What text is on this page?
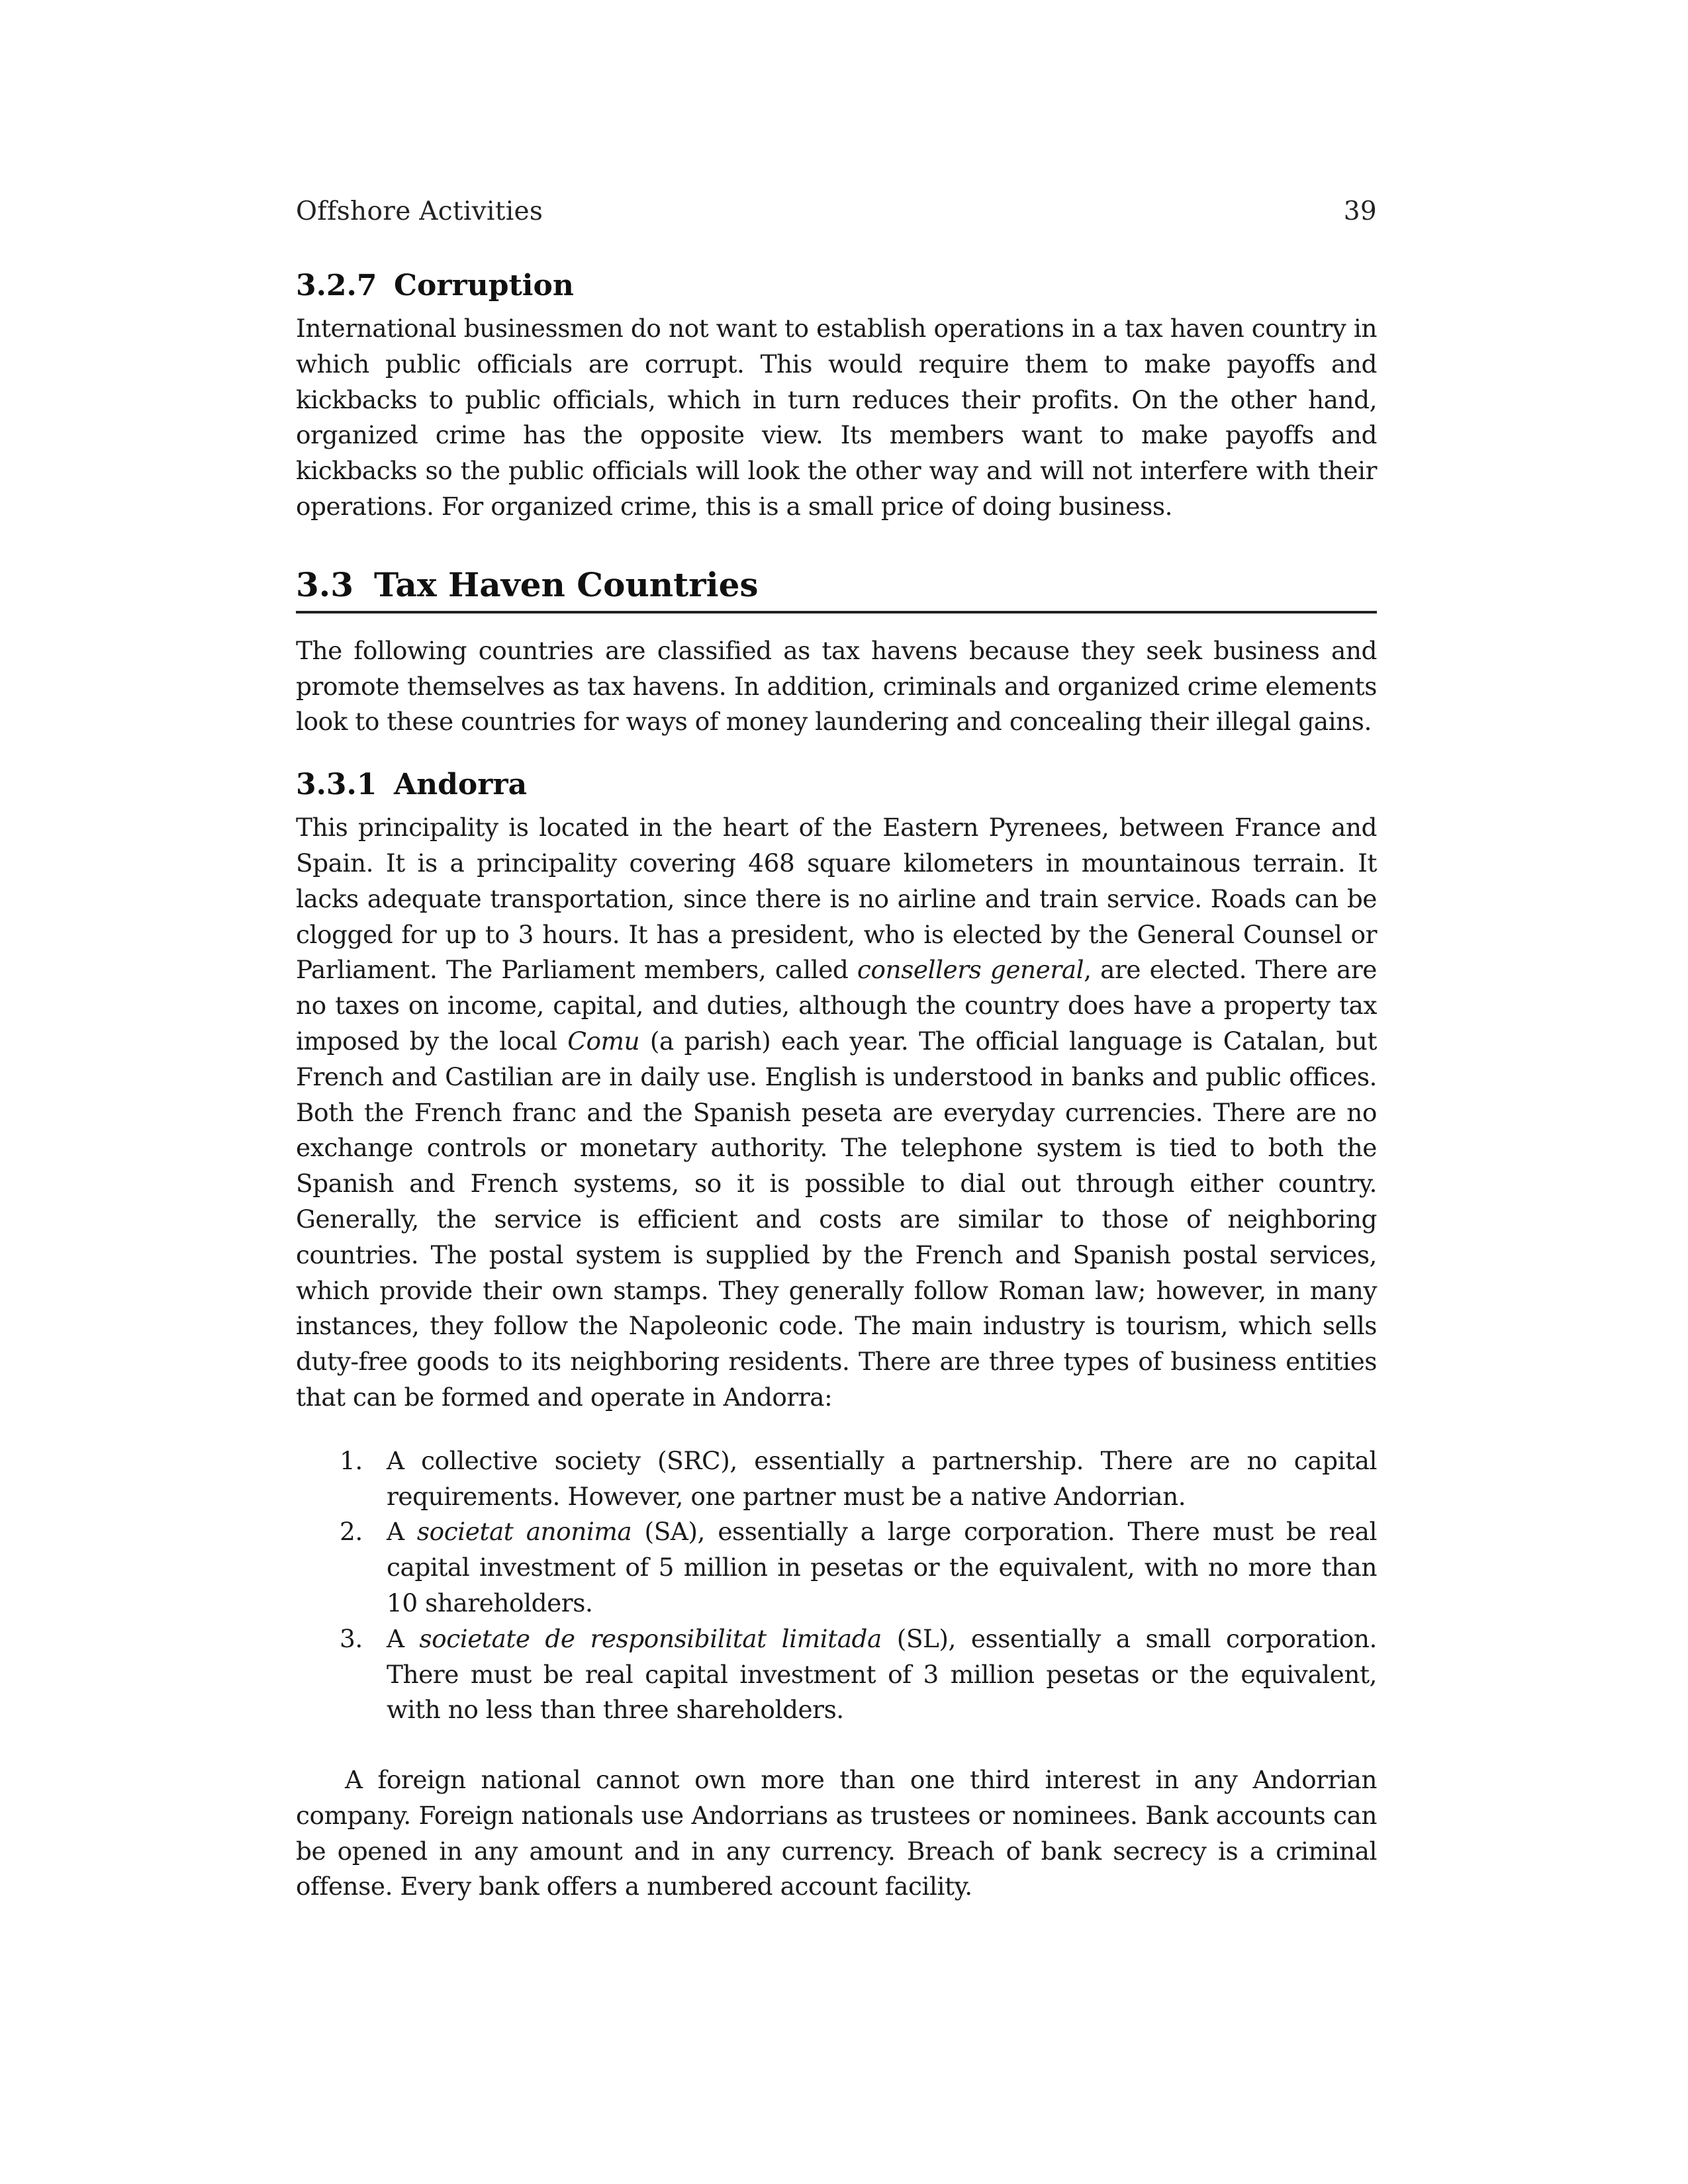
Offshore Activities	39
3.2.7 Corruption

International businessmen do not want to establish operations in a tax haven country in which public officials are corrupt. This would require them to make payoffs and kickbacks to public officials, which in turn reduces their profits. On the other hand, organized crime has the opposite view. Its members want to make payoffs and kickbacks so the public officials will look the other way and will not interfere with their operations. For organized crime, this is a small price of doing business.

3.3 Tax Haven Countries

The following countries are classified as tax havens because they seek business and promote themselves as tax havens. In addition, criminals and organized crime elements look to these countries for ways of money laundering and concealing their illegal gains.

3.3.1 Andorra

This principality is located in the heart of the Eastern Pyrenees, between France and Spain. It is a principality covering 468 square kilometers in mountainous terrain. It lacks adequate transportation, since there is no airline and train service. Roads can be clogged for up to 3 hours. It has a president, who is elected by the General Counsel or Parliament. The Parliament members, called consellers general, are elected. There are no taxes on income, capital, and duties, although the country does have a property tax imposed by the local Comu (a parish) each year. The official language is Catalan, but French and Castilian are in daily use. English is understood in banks and public offices. Both the French franc and the Spanish peseta are everyday currencies. There are no exchange controls or monetary authority. The telephone system is tied to both the Spanish and French systems, so it is possible to dial out through either country. Generally, the service is efficient and costs are similar to those of neighboring countries. The postal system is supplied by the French and Spanish postal services, which provide their own stamps. They generally follow Roman law; however, in many instances, they follow the Napoleonic code. The main industry is tourism, which sells duty-free goods to its neighboring residents. There are three types of business entities that can be formed and operate in Andorra:

1. A collective society (SRC), essentially a partnership. There are no capital requirements. However, one partner must be a native Andorrian.
2. A societat anonima (SA), essentially a large corporation. There must be real capital investment of 5 million in pesetas or the equivalent, with no more than 10 shareholders.
3. A societate de responsibilitat limitada (SL), essentially a small corporation. There must be real capital investment of 3 million pesetas or the equivalent, with no less than three shareholders.

A foreign national cannot own more than one third interest in any Andorrian company. Foreign nationals use Andorrians as trustees or nominees. Bank accounts can be opened in any amount and in any currency. Breach of bank secrecy is a criminal offense. Every bank offers a numbered account facility.
